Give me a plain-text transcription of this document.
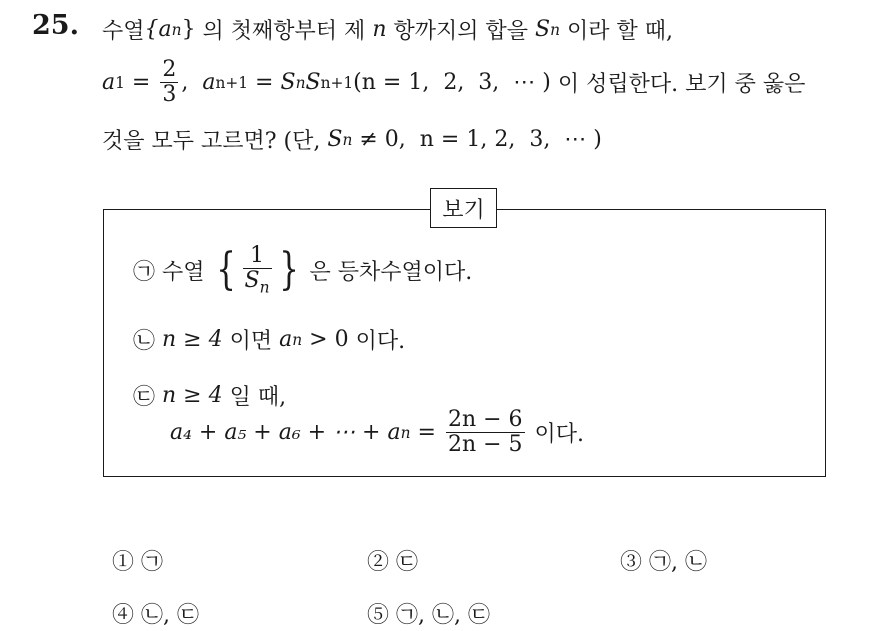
25. 수열 {a n } 의 첫째항부터 제 n 항까지의 합을 S n 이라 할 때,
a $1 = \frac{2}{3}$ , a n+1 = S n S n+1 (n = 1,  2,  3,  ⋯ ) 이 성립한다. 보기 중 옳은
것을 모두 고르면? (단, S n ≠ 0,  n = 1, 2,  3,  ⋯ )
보기
㉠ 수열 { $\frac{1}{S_n}$ } 은 등차수열이다.
㉡ n ≥ 4 이면 a n > 0 이다.
㉢ n ≥ 4 일 때,
a₄ + a₅ + a₆ + ⋯ + a $n = \frac{2n - 6}{2n - 5}$ 이다.
① ㉠	② ㉢	③ ㉠, ㉡
④ ㉡, ㉢	⑤ ㉠, ㉡, ㉢
